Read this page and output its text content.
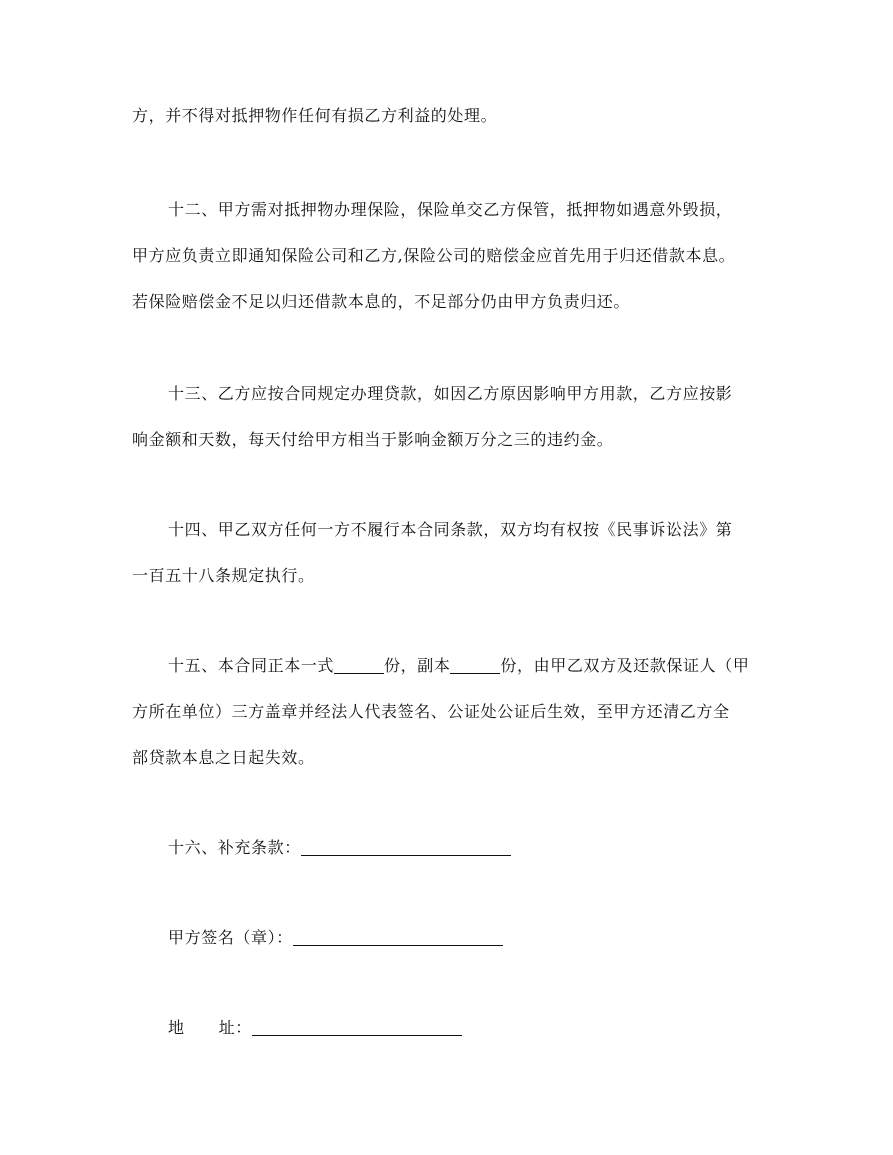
方，并不得对抵押物作任何有损乙方利益的处理。
十二、甲方需对抵押物办理保险，保险单交乙方保管，抵押物如遇意外毁损，
甲方应负责立即通知保险公司和乙方,保险公司的赔偿金应首先用于归还借款本息。
若保险赔偿金不足以归还借款本息的，不足部分仍由甲方负责归还。
十三、乙方应按合同规定办理贷款，如因乙方原因影响甲方用款，乙方应按影
响金额和天数，每天付给甲方相当于影响金额万分之三的违约金。
十四、甲乙双方任何一方不履行本合同条款，双方均有权按《民事诉讼法》第
一百五十八条规定执行。
十五、本合同正本一式	份，副本	份，由甲乙双方及还款保证人（甲
方所在单位）三方盖章并经法人代表签名、公证处公证后生效，至甲方还清乙方全
部贷款本息之日起失效。
十六、补充条款：
甲方签名（章）：
地 址：
